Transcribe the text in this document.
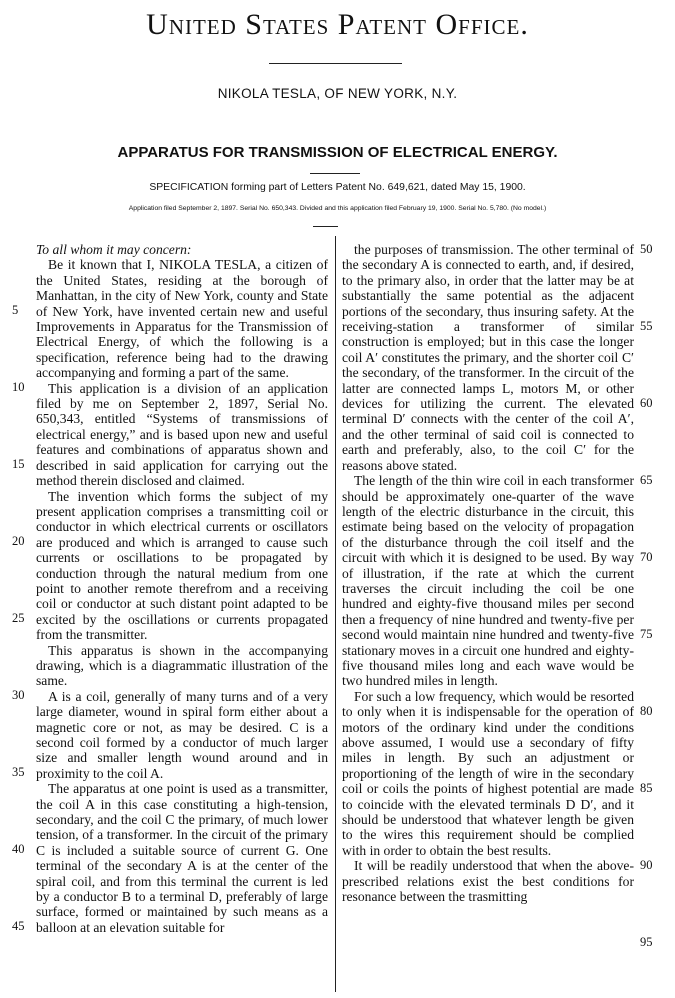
United States Patent Office.

NIKOLA TESLA, OF NEW YORK, N.Y.

APPARATUS FOR TRANSMISSION OF ELECTRICAL ENERGY.

SPECIFICATION forming part of Letters Patent No. 649,621, dated May 15, 1900.

Application filed September 2, 1897. Serial No. 650,343. Divided and this application filed February 19, 1900. Serial No. 5,780. (No model.)

To all whom it may concern:

Be it known that I, NIKOLA TESLA, a citizen of the United States, residing at the borough of Manhattan, in the city of New York, county and State of New York, have invented certain new and useful Improvements in Apparatus for the Transmission of Electrical Energy, of which the following is a specification, reference being had to the drawing accompanying and forming a part of the same.

This application is a division of an application filed by me on September 2, 1897, Serial No. 650,343, entitled “Systems of transmissions of electrical energy,” and is based upon new and useful features and combinations of apparatus shown and described in said application for carrying out the method therein disclosed and claimed.

The invention which forms the subject of my present application comprises a transmitting coil or conductor in which electrical currents or oscillators are produced and which is arranged to cause such currents or oscillations to be propagated by conduction through the natural medium from one point to another remote therefrom and a receiving coil or conductor at such distant point adapted to be excited by the oscillations or currents propagated from the transmitter.

This apparatus is shown in the accompanying drawing, which is a diagrammatic illustration of the same.

A is a coil, generally of many turns and of a very large diameter, wound in spiral form either about a magnetic core or not, as may be desired. C is a second coil formed by a conductor of much larger size and smaller length wound around and in proximity to the coil A.

The apparatus at one point is used as a transmitter, the coil A in this case constituting a high-tension, secondary, and the coil C the primary, of much lower tension, of a transformer. In the circuit of the primary C is included a suitable source of current G. One terminal of the secondary A is at the center of the spiral coil, and from this terminal the current is led by a conductor B to a terminal D, preferably of large surface, formed or maintained by such means as a balloon at an elevation suitable for

the purposes of transmission. The other terminal of the secondary A is connected to earth, and, if desired, to the primary also, in order that the latter may be at substantially the same potential as the adjacent portions of the secondary, thus insuring safety. At the receiving-station a transformer of similar construction is employed; but in this case the longer coil A′ constitutes the primary, and the shorter coil C′ the secondary, of the transformer. In the circuit of the latter are connected lamps L, motors M, or other devices for utilizing the current. The elevated terminal D′ connects with the center of the coil A′, and the other terminal of said coil is connected to earth and preferably, also, to the coil C′ for the reasons above stated.

The length of the thin wire coil in each transformer should be approximately one-quarter of the wave length of the electric disturbance in the circuit, this estimate being based on the velocity of propagation of the disturbance through the coil itself and the circuit with which it is designed to be used. By way of illustration, if the rate at which the current traverses the circuit including the coil be one hundred and eighty-five thousand miles per second then a frequency of nine hundred and twenty-five per second would maintain nine hundred and twenty-five stationary moves in a circuit one hundred and eighty-five thousand miles long and each wave would be two hundred miles in length.

For such a low frequency, which would be resorted to only when it is indispensable for the operation of motors of the ordinary kind under the conditions above assumed, I would use a secondary of fifty miles in length. By such an adjustment or proportioning of the length of wire in the secondary coil or coils the points of highest potential are made to coincide with the elevated terminals D D′, and it should be understood that whatever length be given to the wires this requirement should be complied with in order to obtain the best results.

It will be readily understood that when the above-prescribed relations exist the best conditions for resonance between the trasmitting

5
10
15
20
25
30
35
40
45
50
55
60
65
70
75
80
85
90
95
